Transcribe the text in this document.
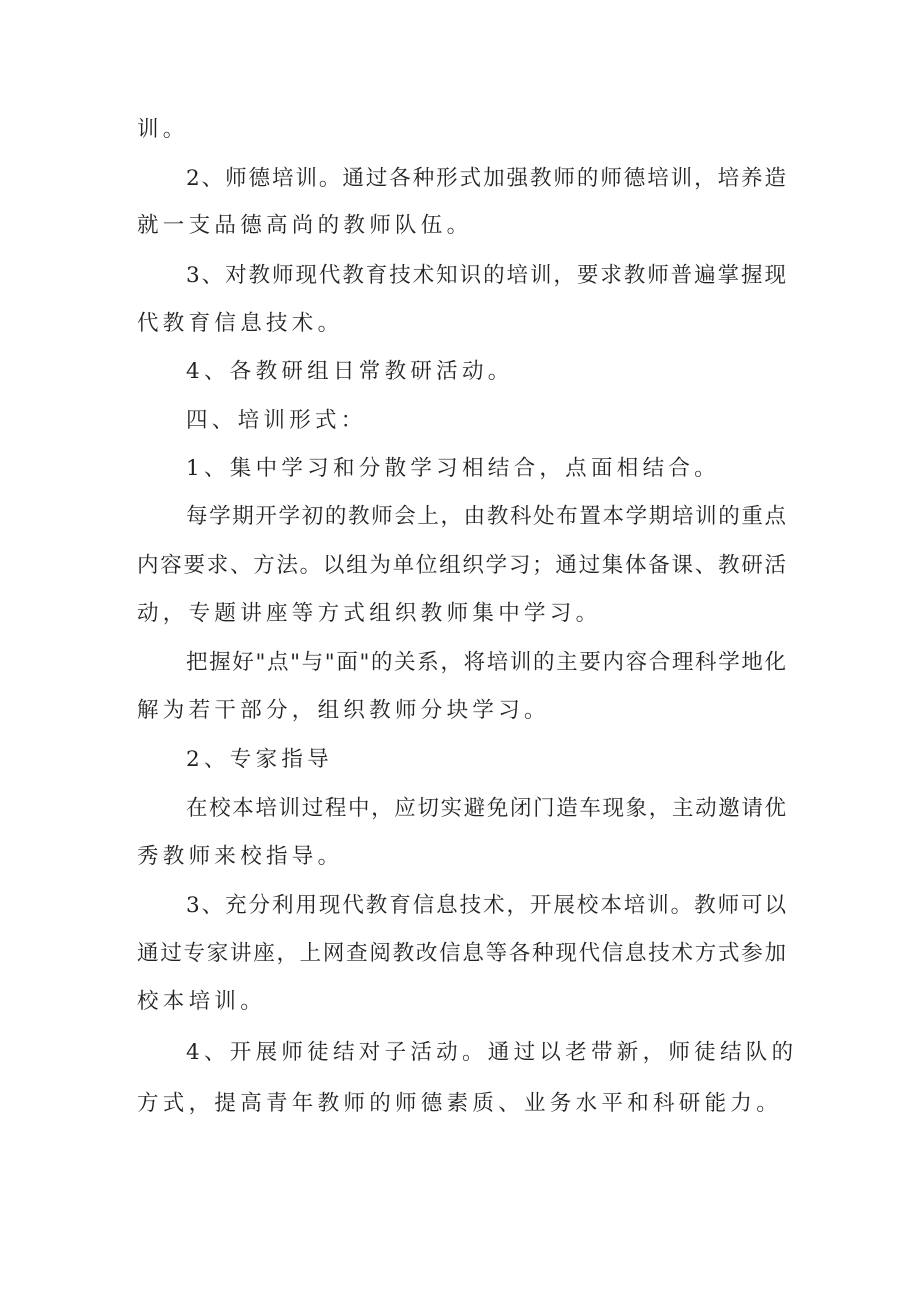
训。

2、师德培训。通过各种形式加强教师的师德培训，培养造

就一支品德高尚的教师队伍。

3、对教师现代教育技术知识的培训，要求教师普遍掌握现

代教育信息技术。

4、各教研组日常教研活动。

四、培训形式：

1、集中学习和分散学习相结合，点面相结合。

每学期开学初的教师会上，由教科处布置本学期培训的重点

内容要求、方法。以组为单位组织学习；通过集体备课、教研活

动，专题讲座等方式组织教师集中学习。

把握好"点"与"面"的关系，将培训的主要内容合理科学地化

解为若干部分，组织教师分块学习。

2、专家指导

在校本培训过程中，应切实避免闭门造车现象，主动邀请优

秀教师来校指导。

3、充分利用现代教育信息技术，开展校本培训。教师可以

通过专家讲座，上网查阅教改信息等各种现代信息技术方式参加

校本培训。

4、开展师徒结对子活动。通过以老带新，师徒结队的

方式，提高青年教师的师德素质、业务水平和科研能力。
